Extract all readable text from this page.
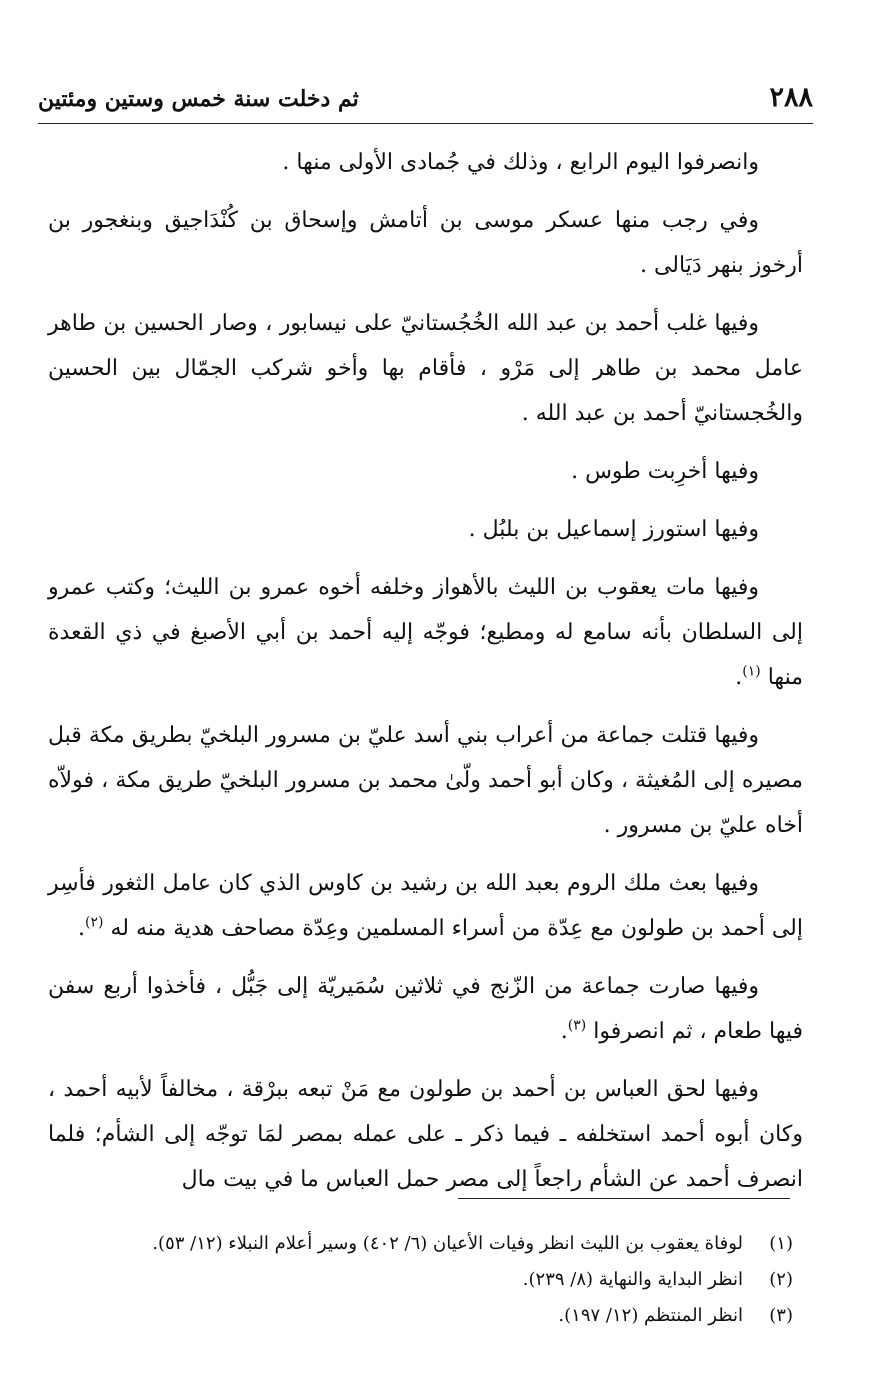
٢٨٨
ثم دخلت سنة خمس وستين ومئتين

وانصرفوا اليوم الرابع ، وذلك في جُمادى الأولى منها .

وفي رجب منها عسكر موسى بن أتامش وإسحاق بن كُنْدَاجيق وبنغجور بن أرخوز بنهر دَيَالى .

وفيها غلب أحمد بن عبد الله الخُجُستانيّ على نيسابور ، وصار الحسين بن طاهر عامل محمد بن طاهر إلى مَرْو ، فأقام بها وأخو شركب الجمّال بين الحسين والخُجستانيّ أحمد بن عبد الله .

وفيها أخرِبت طوس .

وفيها استورز إسماعيل بن بلبُل .

وفيها مات يعقوب بن الليث بالأهواز وخلفه أخوه عمرو بن الليث؛ وكتب عمرو إلى السلطان بأنه سامع له ومطيع؛ فوجّه إليه أحمد بن أبي الأصبغ في ذي القعدة منها $^{(١)}$.

وفيها قتلت جماعة من أعراب بني أسد عليّ بن مسرور البلخيّ بطريق مكة قبل مصيره إلى المُغيثة ، وكان أبو أحمد ولّىٰ محمد بن مسرور البلخيّ طريق مكة ، فولاّه أخاه عليّ بن مسرور .

وفيها بعث ملك الروم بعبد الله بن رشيد بن كاوس الذي كان عامل الثغور فأسِر إلى أحمد بن طولون مع عِدّة من أسراء المسلمين وعِدّة مصاحف هدية منه له $^{(٢)}$.

وفيها صارت جماعة من الزّنج في ثلاثين سُمَيريّة إلى جَبُّل ، فأخذوا أربع سفن فيها طعام ، ثم انصرفوا $^{(٣)}$.

وفيها لحق العباس بن أحمد بن طولون مع مَنْ تبعه ببرْقة ، مخالفاً لأبيه أحمد ، وكان أبوه أحمد استخلفه ـ فيما ذكر ـ على عمله بمصر لمَا توجّه إلى الشأم؛ فلما انصرف أحمد عن الشأم راجعاً إلى مصر حمل العباس ما في بيت مال

(١)
لوفاة يعقوب بن الليث انظر وفيات الأعيان (٦/ ٤٠٢) وسير أعلام النبلاء (١٢/ ٥٣).
(٢)
انظر البداية والنهاية (٨/ ٢٣٩).
(٣)
انظر المنتظم (١٢/ ١٩٧).
